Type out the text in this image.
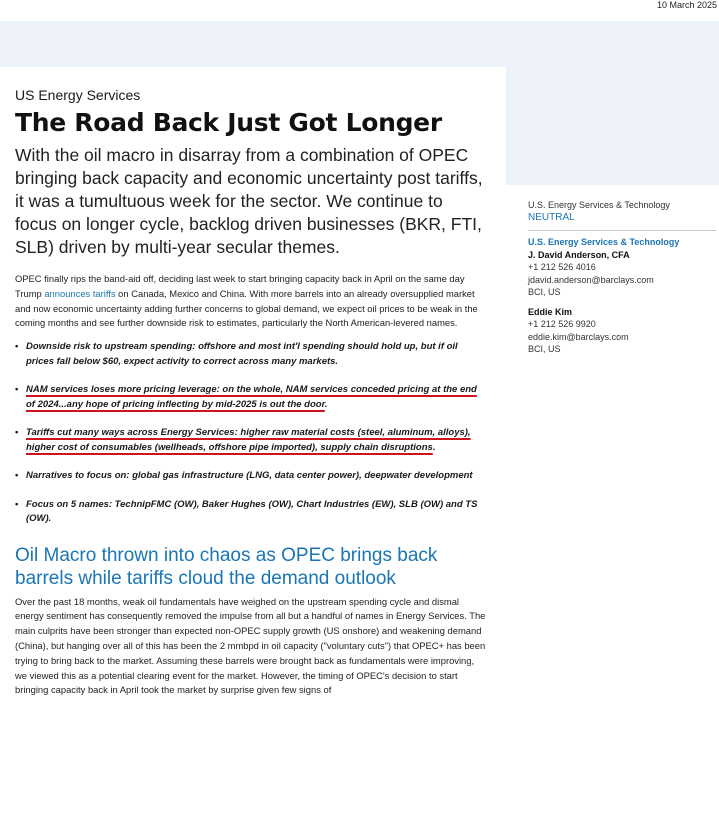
10 March 2025

US Energy Services

The Road Back Just Got Longer

With the oil macro in disarray from a combination of OPEC bringing back capacity and economic uncertainty post tariffs, it was a tumultuous week for the sector. We continue to focus on longer cycle, backlog driven businesses (BKR, FTI, SLB) driven by multi-year secular themes.

OPEC finally rips the band-aid off, deciding last week to start bringing capacity back in April on the same day Trump announces tariffs on Canada, Mexico and China. With more barrels into an already oversupplied market and now economic uncertainty adding further concerns to global demand, we expect oil prices to be weak in the coming months and see further downside risk to estimates, particularly the North American-levered names.

• Downside risk to upstream spending: offshore and most int'l spending should hold up, but if oil prices fall below $60, expect activity to correct across many markets.
• NAM services loses more pricing leverage: on the whole, NAM services conceded pricing at the end of 2024...any hope of pricing inflecting by mid-2025 is out the door.
• Tariffs cut many ways across Energy Services: higher raw material costs (steel, aluminum, alloys), higher cost of consumables (wellheads, offshore pipe imported), supply chain disruptions.
• Narratives to focus on: global gas infrastructure (LNG, data center power), deepwater development
• Focus on 5 names: TechnipFMC (OW), Baker Hughes (OW), Chart Industries (EW), SLB (OW) and TS (OW).
Oil Macro thrown into chaos as OPEC brings back barrels while tariffs cloud the demand outlook

Over the past 18 months, weak oil fundamentals have weighed on the upstream spending cycle and dismal energy sentiment has consequently removed the impulse from all but a handful of names in Energy Services. The main culprits have been stronger than expected non-OPEC supply growth (US onshore) and weakening demand (China), but hanging over all of this has been the 2 mmbpd in oil capacity ("voluntary cuts") that OPEC+ has been trying to bring back to the market. Assuming these barrels were brought back as fundamentals were improving, we viewed this as a potential clearing event for the market. However, the timing of OPEC's decision to start bringing capacity back in April took the market by surprise given few signs of

U.S. Energy Services & Technology
NEUTRAL
U.S. Energy Services & Technology
J. David Anderson, CFA
+1 212 526 4016
jdavid.anderson@barclays.com
BCI, US
Eddie Kim
+1 212 526 9920
eddie.kim@barclays.com
BCI, US
